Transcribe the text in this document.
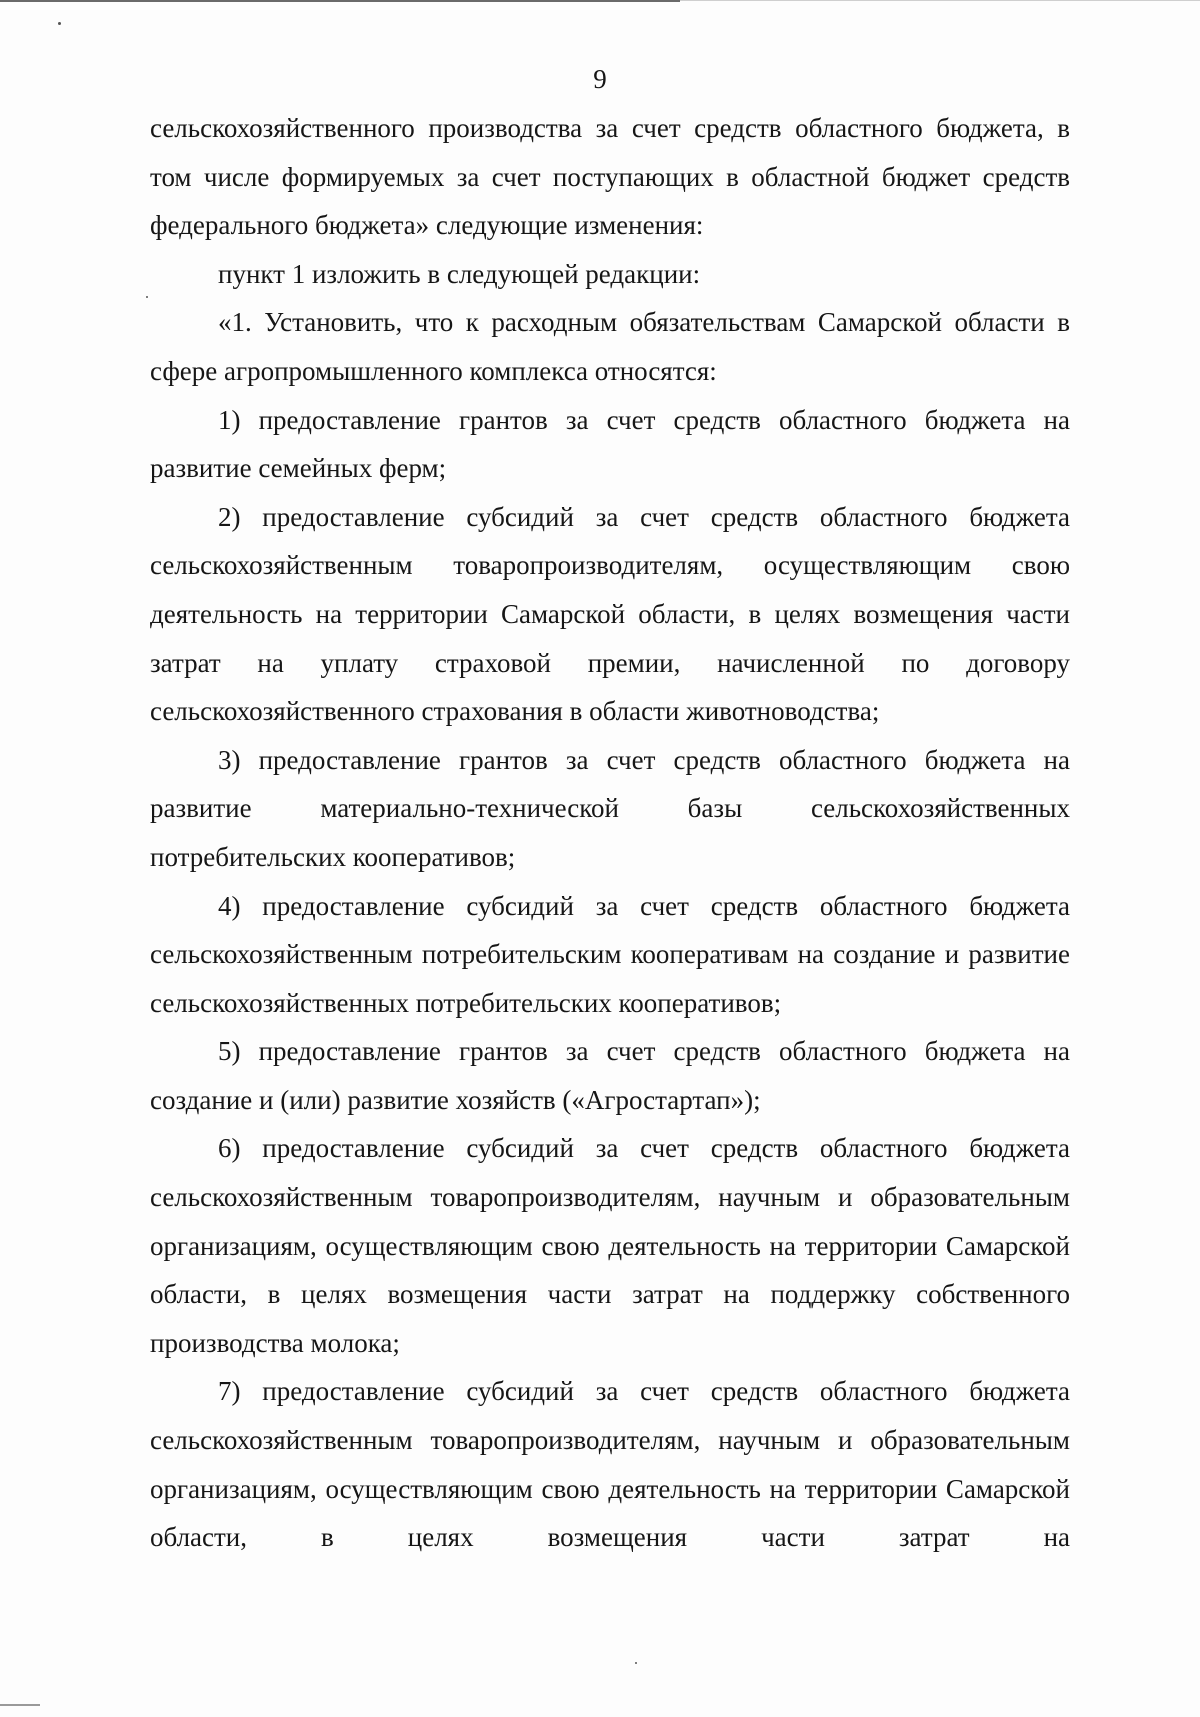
9

сельскохозяйственного производства за счет средств областного бюджета, в том числе формируемых за счет поступающих в областной бюджет средств федерального бюджета» следующие изменения:

пункт 1 изложить в следующей редакции:

«1. Установить, что к расходным обязательствам Самарской области в сфере агропромышленного комплекса относятся:

1) предоставление грантов за счет средств областного бюджета на развитие семейных ферм;

2) предоставление субсидий за счет средств областного бюджета сельскохозяйственным товаропроизводителям, осуществляющим свою деятельность на территории Самарской области, в целях возмещения части затрат на уплату страховой премии, начисленной по договору сельскохозяйственного страхования в области животноводства;

3) предоставление грантов за счет средств областного бюджета на развитие материально-технической базы сельскохозяйственных потребительских кооперативов;

4) предоставление субсидий за счет средств областного бюджета сельскохозяйственным потребительским кооперативам на создание и развитие сельскохозяйственных потребительских кооперативов;

5) предоставление грантов за счет средств областного бюджета на создание и (или) развитие хозяйств («Агростартап»);

6) предоставление субсидий за счет средств областного бюджета сельскохозяйственным товаропроизводителям, научным и образовательным организациям, осуществляющим свою деятельность на территории Самарской области, в целях возмещения части затрат на поддержку собственного производства молока;

7) предоставление субсидий за счет средств областного бюджета сельскохозяйственным товаропроизводителям, научным и образовательным организациям, осуществляющим свою деятельность на территории Самарской области, в целях возмещения части затрат на
